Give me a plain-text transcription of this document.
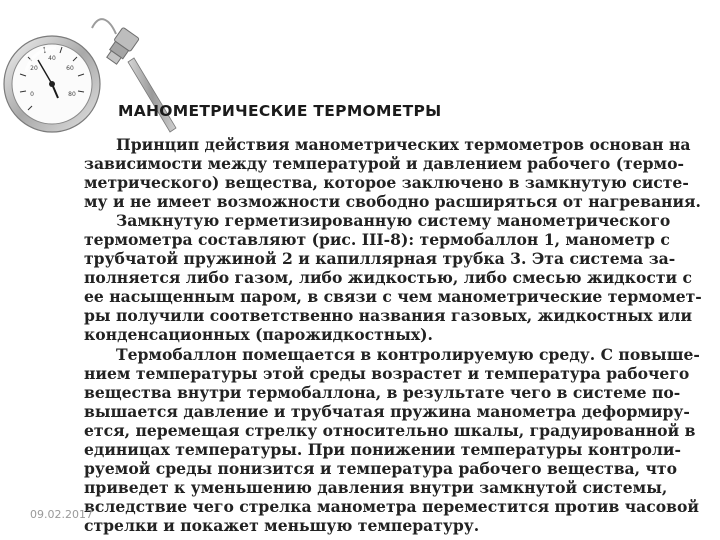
0
20
40
60
80
МАНОМЕТРИЧЕСКИЕ ТЕРМОМЕТРЫ
Принцип действия манометрических термометров основан на
зависимости между температурой и давлением рабочего (термо-
метрического) вещества, которое заключено в замкнутую систе-
му и не имеет возможности свободно расширяться от нагревания.
Замкнутую герметизированную систему манометрического
термометра составляют (рис. III-8): термобаллон 1, манометр с
трубчатой пружиной 2 и капиллярная трубка 3. Эта система за-
полняется либо газом, либо жидкостью, либо смесью жидкости с
ее насыщенным паром, в связи с чем манометрические термомет-
ры получили соответственно названия газовых, жидкостных или
конденсационных (парожидкостных).
Термобаллон помещается в контролируемую среду. С повыше-
нием температуры этой среды возрастет и температура рабочего
вещества внутри термобаллона, в результате чего в системе по-
вышается давление и трубчатая пружина манометра деформиру-
ется, перемещая стрелку относительно шкалы, градуированной в
единицах температуры. При понижении температуры контроли-
руемой среды понизится и температура рабочего вещества, что
приведет к уменьшению давления внутри замкнутой системы,
вследствие чего стрелка манометра переместится против часовой
стрелки и покажет меньшую температуру.
09.02.2017
